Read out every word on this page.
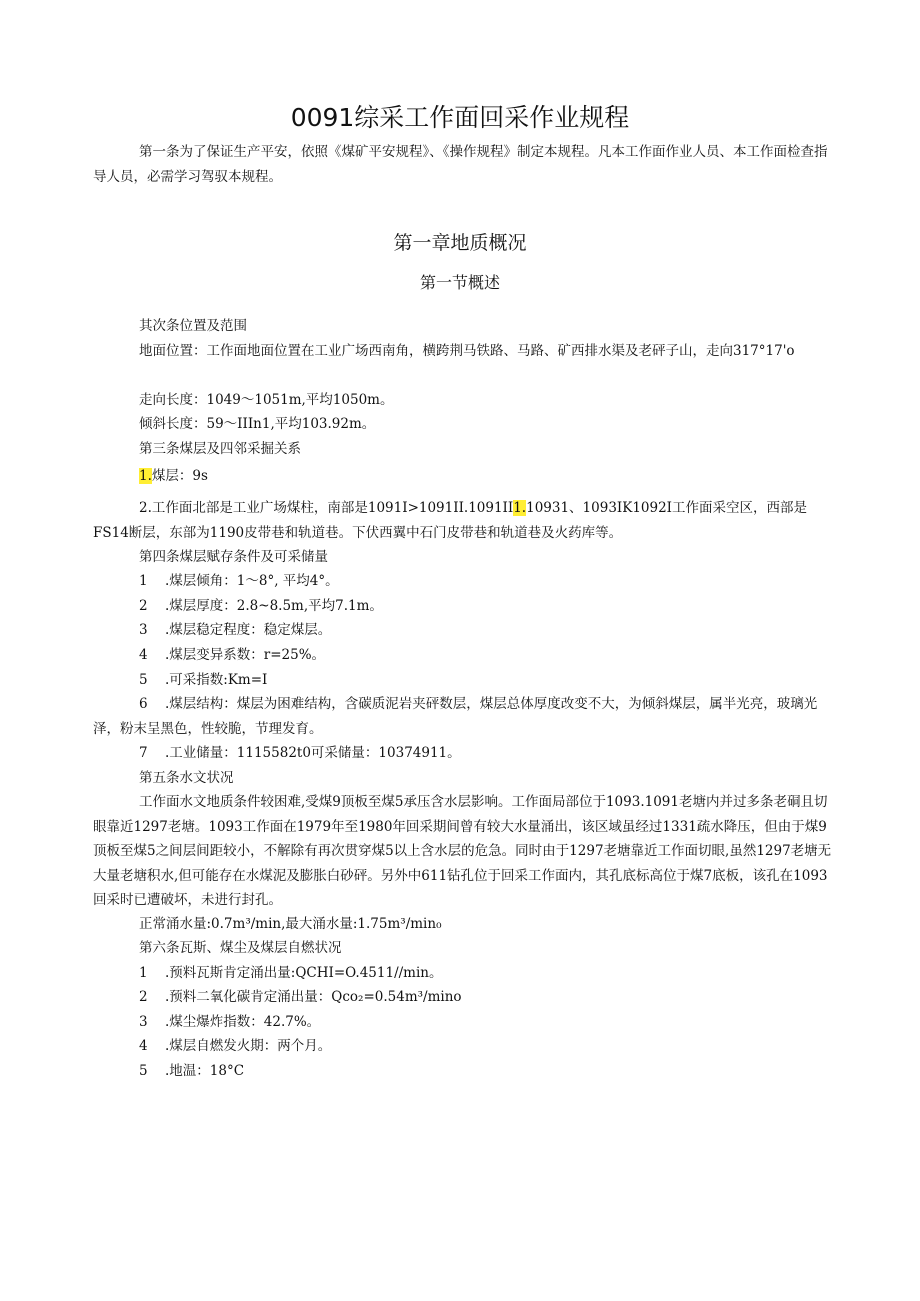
0091综采工作面回采作业规程

第一条为了保证生产平安，依照《煤矿平安规程》、《操作规程》制定本规程。凡本工作面作业人员、本工作面检查指导人员，必需学习驾驭本规程。

第一章地质概况
第一节概述

其次条位置及范围

地面位置：工作面地面位置在工业广场西南角，横跨荆马铁路、马路、矿西排水渠及老砰子山，走向317°17'o

走向长度：1049～1051m,平均1050m。

倾斜长度：59～IIIn1,平均103.92m。

第三条煤层及四邻采掘关系

1.煤层：9s

2.工作面北部是工业广场煤柱，南部是1091I>1091II.1091II1.10931、1093IK1092I工作面采空区，西部是FS14断层，东部为1190皮带巷和轨道巷。下伏西翼中石门皮带巷和轨道巷及火药库等。

第四条煤层赋存条件及可采储量

1 .煤层倾角：1～8°, 平均4°。

2 .煤层厚度：2.8~8.5m,平均7.1m。

3 .煤层稳定程度：稳定煤层。

4 .煤层变异系数：r=25%。

5 .可采指数:Km=I

6 .煤层结构：煤层为困难结构，含碳质泥岩夹砰数层，煤层总体厚度改变不大，为倾斜煤层，属半光亮，玻璃光泽，粉末呈黑色，性较脆，节理发育。

7 .工业储量：1115582t0可采储量：10374911。

第五条水文状况

工作面水文地质条件较困难,受煤9顶板至煤5承压含水层影响。工作面局部位于1093.1091老塘内并过多条老硐且切眼靠近1297老塘。1093工作面在1979年至1980年回采期间曾有较大水量涌出，该区域虽经过1331疏水降压，但由于煤9顶板至煤5之间层间距较小，不解除有再次贯穿煤5以上含水层的危急。同时由于1297老塘靠近工作面切眼,虽然1297老塘无大量老塘积水,但可能存在水煤泥及膨胀白砂砰。另外中611钻孔位于回采工作面内，其孔底标高位于煤7底板，该孔在1093回采时已遭破坏，未进行封孔。

正常涌水量:0.7m³/min,最大涌水量:1.75m³/min₀

第六条瓦斯、煤尘及煤层自燃状况

1 .预料瓦斯肯定涌出量:QCHI=O.4511//min。

2 .预料二氧化碳肯定涌出量：Qco₂=0.54m³/mino

3 .煤尘爆炸指数：42.7%。

4 .煤层自燃发火期：两个月。

5 .地温：18°C
